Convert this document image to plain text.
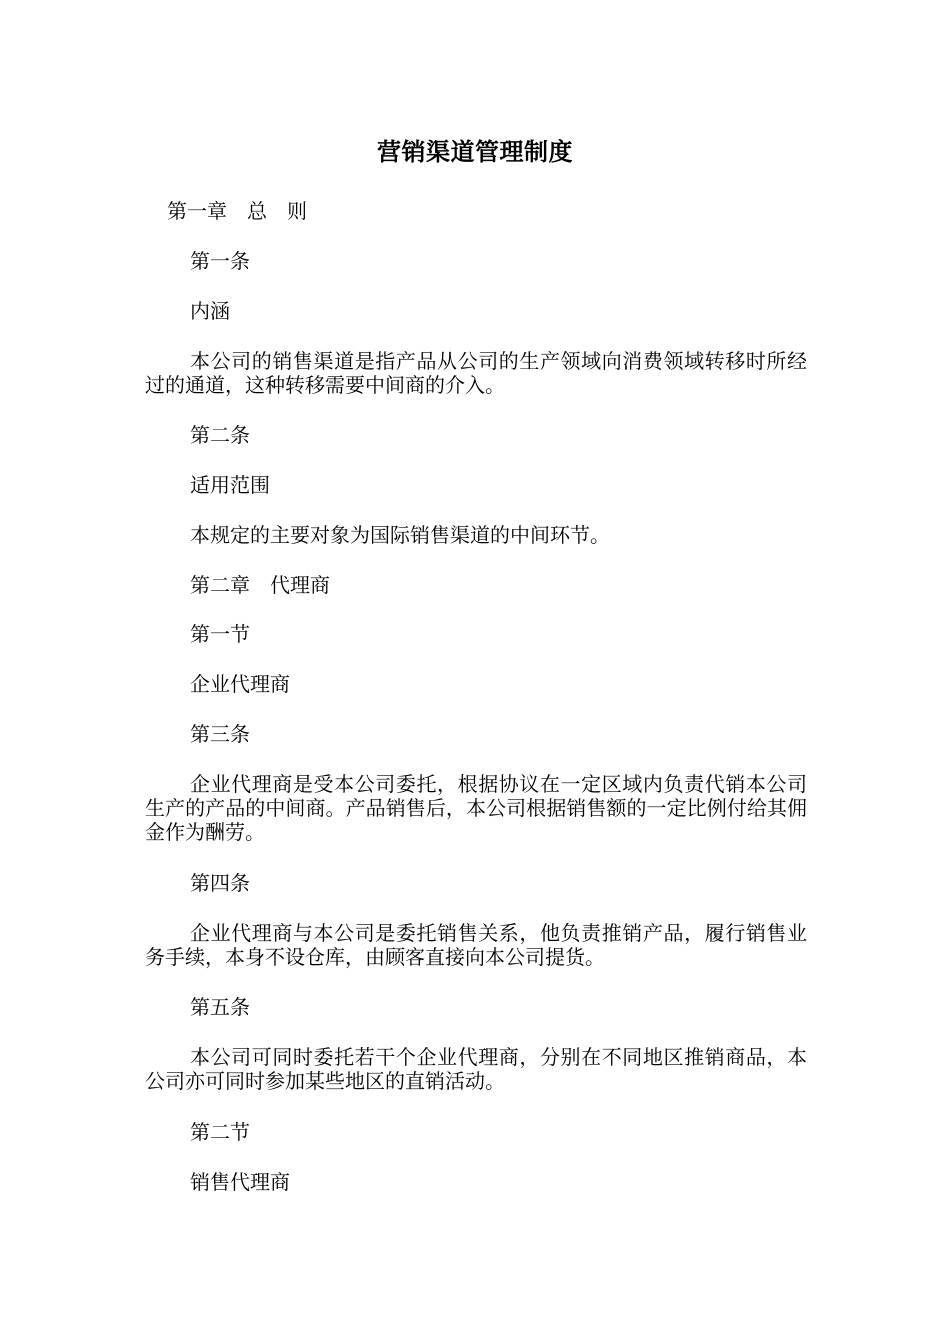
营销渠道管理制度

第一章　总　则

第一条

内涵

本公司的销售渠道是指产品从公司的生产领域向消费领域转移时所经过的通道，这种转移需要中间商的介入。

第二条

适用范围

本规定的主要对象为国际销售渠道的中间环节。

第二章　代理商

第一节

企业代理商

第三条

企业代理商是受本公司委托，根据协议在一定区域内负责代销本公司生产的产品的中间商。产品销售后，本公司根据销售额的一定比例付给其佣金作为酬劳。

第四条

企业代理商与本公司是委托销售关系，他负责推销产品，履行销售业务手续，本身不设仓库，由顾客直接向本公司提货。

第五条

本公司可同时委托若干个企业代理商，分别在不同地区推销商品，本公司亦可同时参加某些地区的直销活动。

第二节

销售代理商
